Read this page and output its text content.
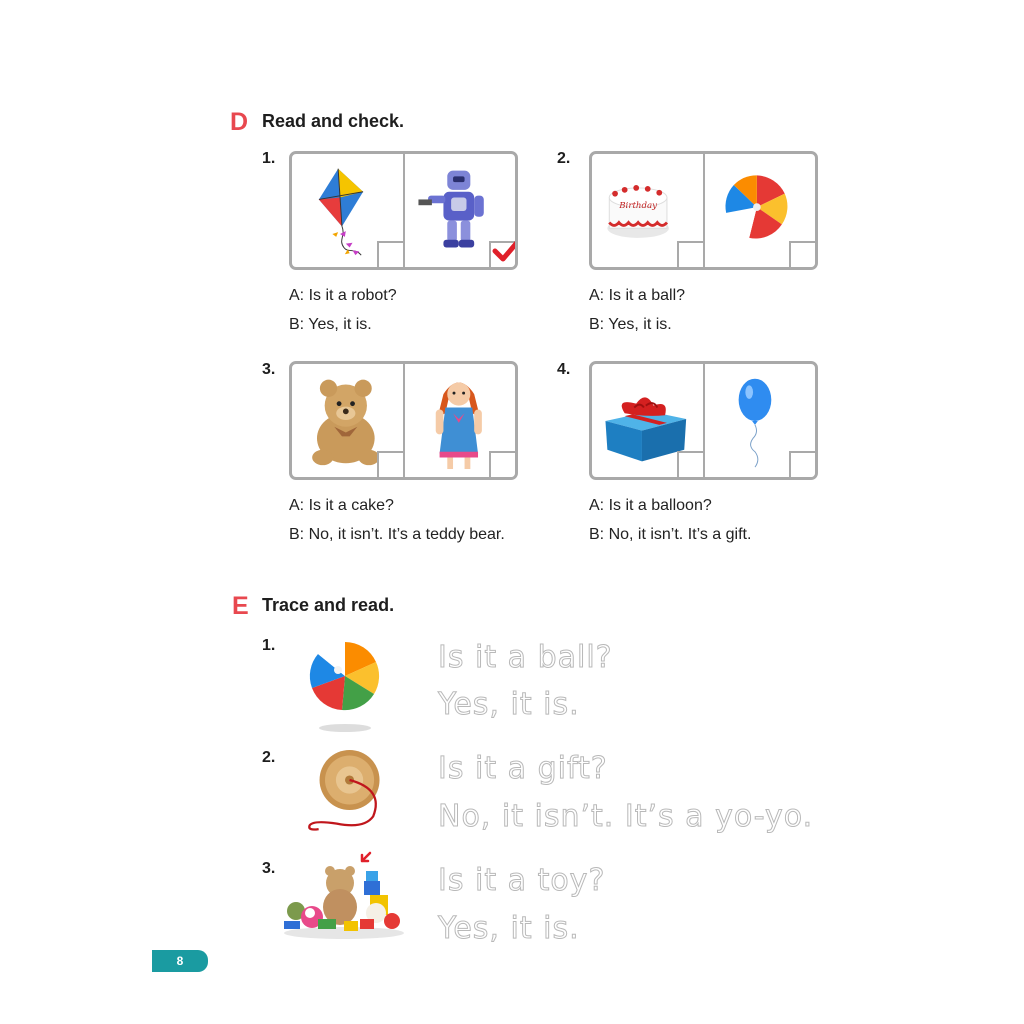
D Read and check.
1.
A: Is it a robot?
B: Yes, it is.
2.
Birthday
A: Is it a ball?
B: Yes, it is.
3.
A: Is it a cake?
B: No, it isn’t. It’s a teddy bear.
4.
A: Is it a balloon?
B: No, it isn’t. It’s a gift.
E Trace and read.
1.	Is it a ball?
Yes, it is.
2.	Is it a gift?
No, it isn’t. It’s a yo-yo.
3.	Is it a toy?
Yes, it is.
8
